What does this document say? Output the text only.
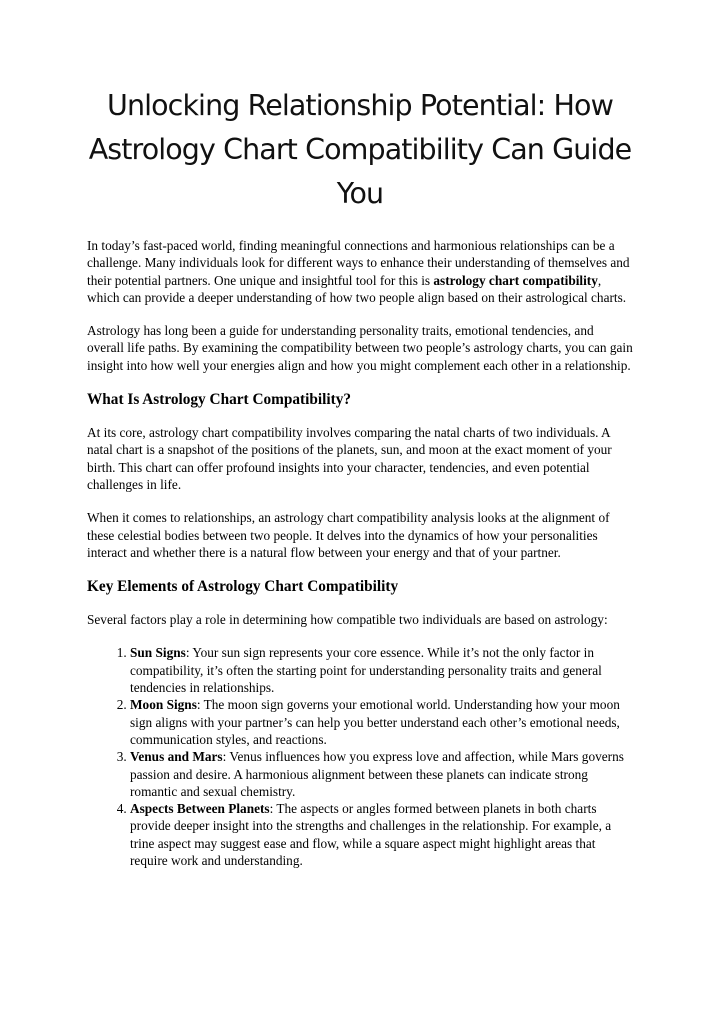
Unlocking Relationship Potential: How Astrology Chart Compatibility Can Guide You

In today’s fast-paced world, finding meaningful connections and harmonious relationships can be a challenge. Many individuals look for different ways to enhance their understanding of themselves and their potential partners. One unique and insightful tool for this is astrology chart compatibility, which can provide a deeper understanding of how two people align based on their astrological charts.

Astrology has long been a guide for understanding personality traits, emotional tendencies, and overall life paths. By examining the compatibility between two people’s astrology charts, you can gain insight into how well your energies align and how you might complement each other in a relationship.

What Is Astrology Chart Compatibility?

At its core, astrology chart compatibility involves comparing the natal charts of two individuals. A natal chart is a snapshot of the positions of the planets, sun, and moon at the exact moment of your birth. This chart can offer profound insights into your character, tendencies, and even potential challenges in life.

When it comes to relationships, an astrology chart compatibility analysis looks at the alignment of these celestial bodies between two people. It delves into the dynamics of how your personalities interact and whether there is a natural flow between your energy and that of your partner.

Key Elements of Astrology Chart Compatibility

Several factors play a role in determining how compatible two individuals are based on astrology:

1. Sun Signs: Your sun sign represents your core essence. While it’s not the only factor in compatibility, it’s often the starting point for understanding personality traits and general tendencies in relationships.
2. Moon Signs: The moon sign governs your emotional world. Understanding how your moon sign aligns with your partner’s can help you better understand each other’s emotional needs, communication styles, and reactions.
3. Venus and Mars: Venus influences how you express love and affection, while Mars governs passion and desire. A harmonious alignment between these planets can indicate strong romantic and sexual chemistry.
4. Aspects Between Planets: The aspects or angles formed between planets in both charts provide deeper insight into the strengths and challenges in the relationship. For example, a trine aspect may suggest ease and flow, while a square aspect might highlight areas that require work and understanding.
